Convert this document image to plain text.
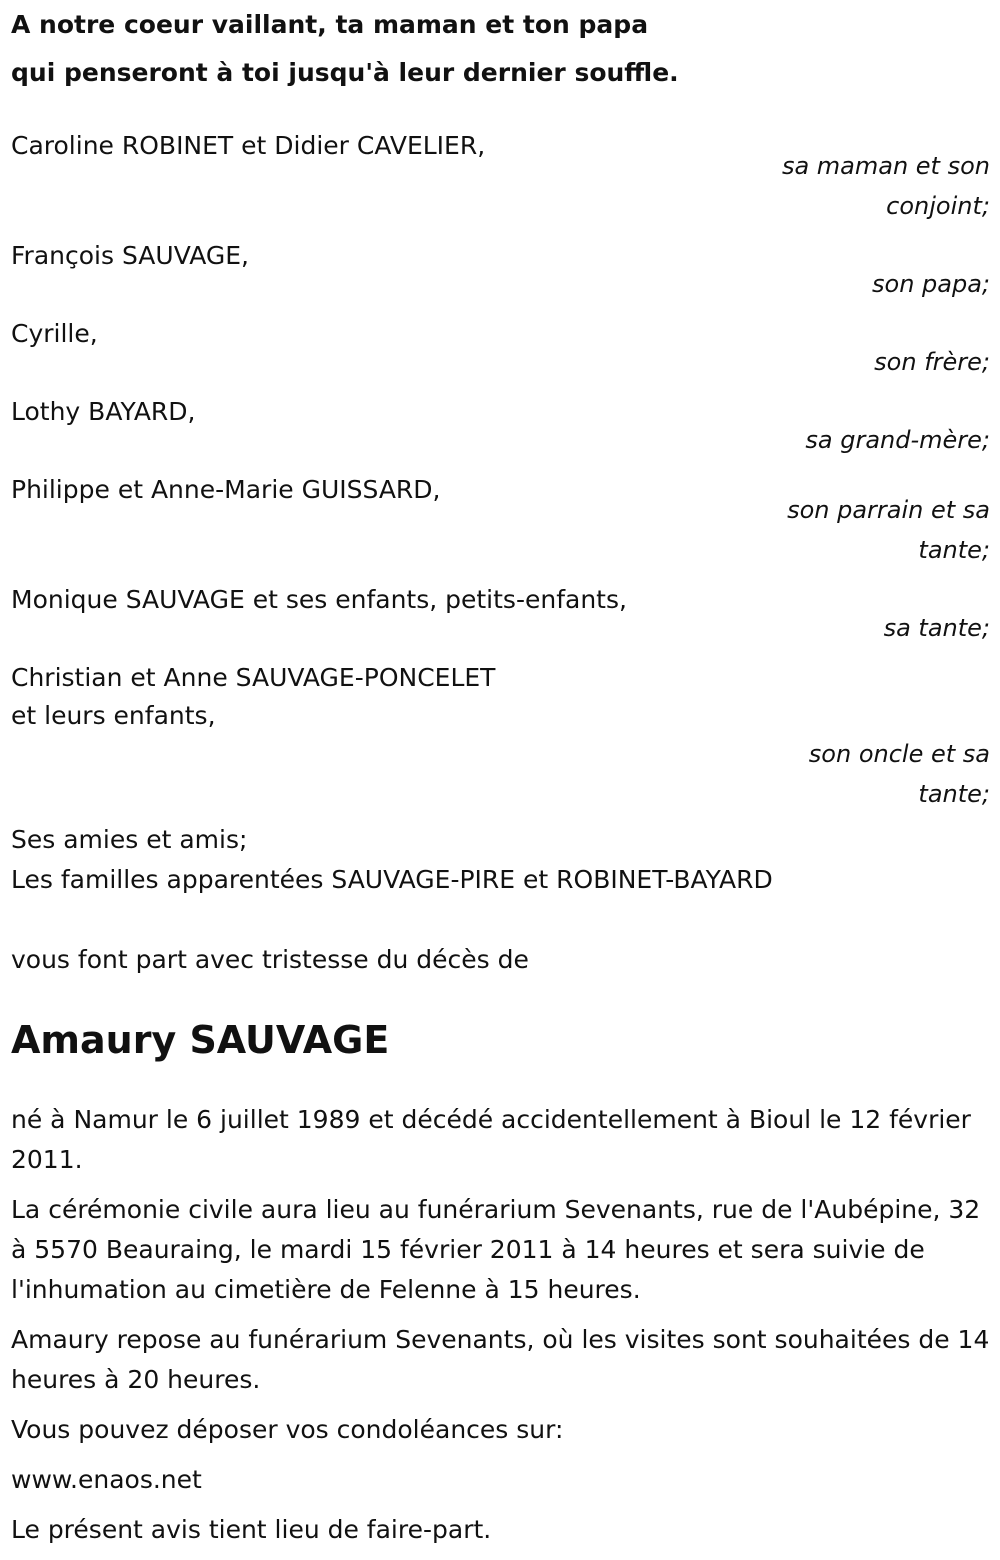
A notre coeur vaillant, ta maman et ton papa
qui penseront à toi jusqu'à leur dernier souffle.
Caroline ROBINET et Didier CAVELIER,
sa maman et son conjoint;
François SAUVAGE,
son papa;
Cyrille,
son frère;
Lothy BAYARD,
sa grand-mère;
Philippe et Anne-Marie GUISSARD,
son parrain et sa tante;
Monique SAUVAGE et ses enfants, petits-enfants,
sa tante;
Christian et Anne SAUVAGE-PONCELET
et leurs enfants,
son oncle et sa tante;
Ses amies et amis;
Les familles apparentées SAUVAGE-PIRE et ROBINET-BAYARD
vous font part avec tristesse du décès de
Amaury SAUVAGE

né à Namur le 6 juillet 1989 et décédé accidentellement à Bioul le 12 février 2011.

La cérémonie civile aura lieu au funérarium Sevenants, rue de l'Aubépine, 32 à 5570 Beauraing, le mardi 15 février 2011 à 14 heures et sera suivie de l'inhumation au cimetière de Felenne à 15 heures.

Amaury repose au funérarium Sevenants, où les visites sont souhaitées de 14 heures à 20 heures.

Vous pouvez déposer vos condoléances sur:

www.enaos.net

Le présent avis tient lieu de faire-part.
